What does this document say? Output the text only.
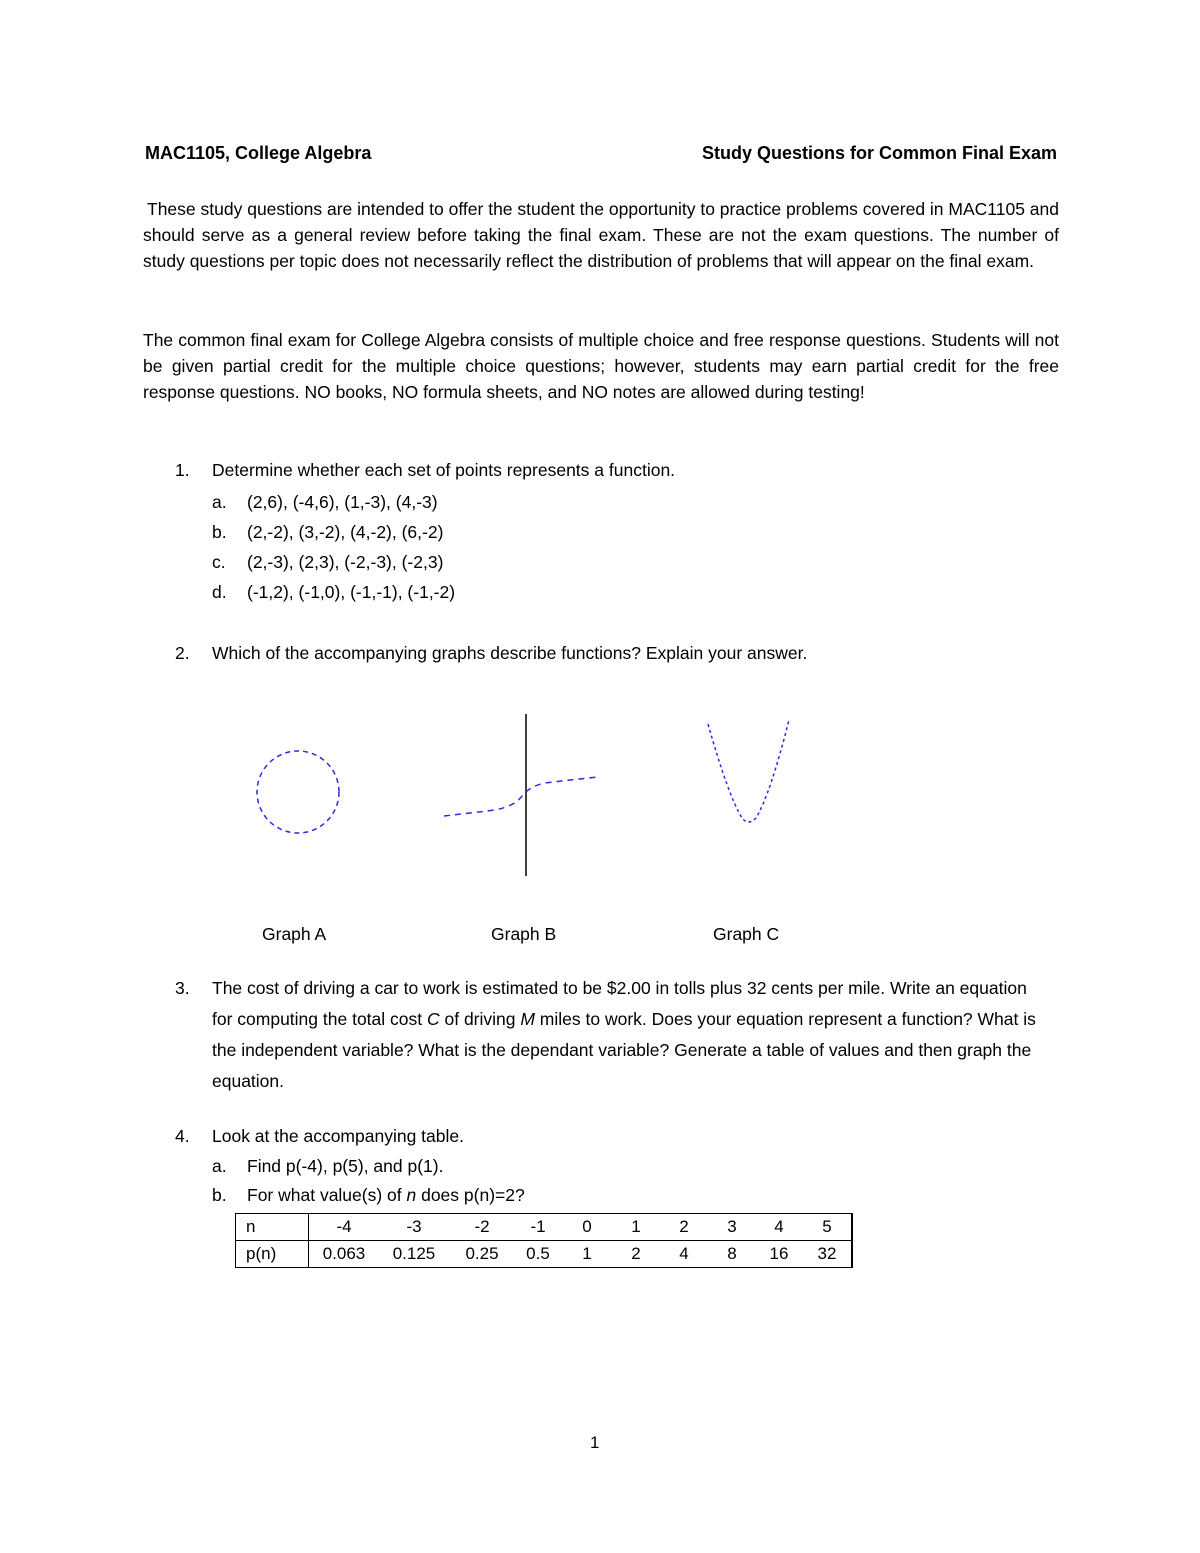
MAC1105, College Algebra	Study Questions for Common Final Exam
These study questions are intended to offer the student the opportunity to practice problems covered in MAC1105 and should serve as a general review before taking the final exam. These are not the exam questions. The number of study questions per topic does not necessarily reflect the distribution of problems that will appear on the final exam.
The common final exam for College Algebra consists of multiple choice and free response questions. Students will not be given partial credit for the multiple choice questions; however, students may earn partial credit for the free response questions. NO books, NO formula sheets, and NO notes are allowed during testing!
1. Determine whether each set of points represents a function.
a. (2,6), (-4,6), (1,-3), (4,-3)
b. (2,-2), (3,-2), (4,-2), (6,-2)
c. (2,-3), (2,3), (-2,-3), (-2,3)
d. (-1,2), (-1,0), (-1,-1), (-1,-2)
2. Which of the accompanying graphs describe functions? Explain your answer.
Graph A	Graph B	Graph C
3. The cost of driving a car to work is estimated to be $2.00 in tolls plus 32 cents per mile. Write an equation for computing the total cost C of driving M miles to work. Does your equation represent a function? What is the independent variable? What is the dependant variable? Generate a table of values and then graph the equation.
4. Look at the accompanying table.
a. Find p(-4), p(5), and p(1).
b. For what value(s) of n does p(n)=2?
n	-4	-3	-2	-1	0	1	2	3	4	5
p(n)	0.063	0.125	0.25	0.5	1	2	4	8	16	32
1
